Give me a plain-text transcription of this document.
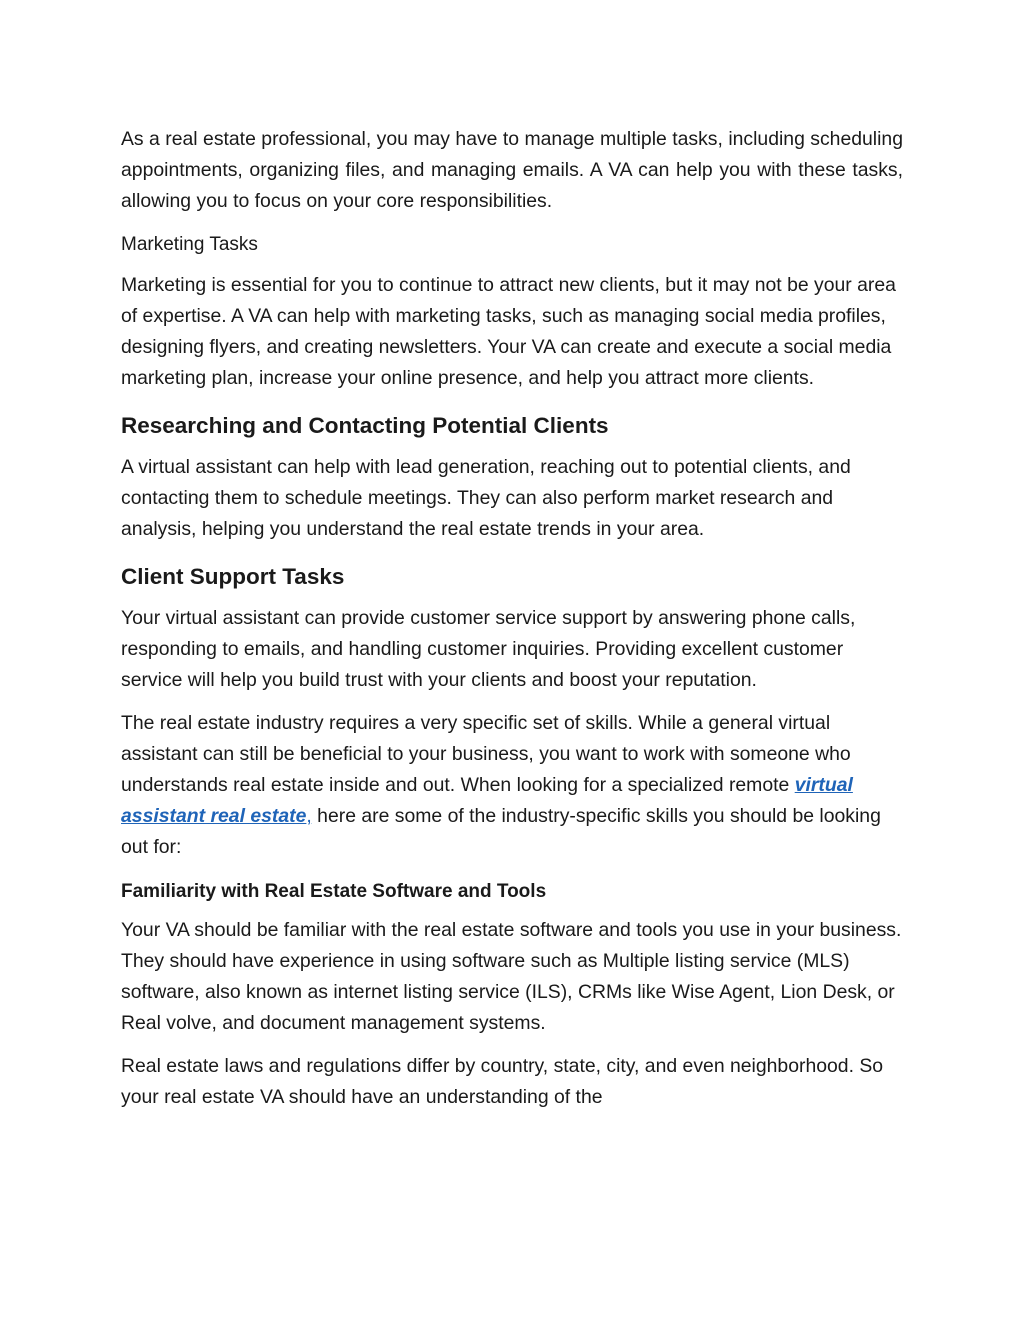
As a real estate professional, you may have to manage multiple tasks, including scheduling appointments, organizing files, and managing emails. A VA can help you with these tasks, allowing you to focus on your core responsibilities.

Marketing Tasks

Marketing is essential for you to continue to attract new clients, but it may not be your area of expertise. A VA can help with marketing tasks, such as managing social media profiles, designing flyers, and creating newsletters. Your VA can create and execute a social media marketing plan, increase your online presence, and help you attract more clients.

Researching and Contacting Potential Clients

A virtual assistant can help with lead generation, reaching out to potential clients, and contacting them to schedule meetings. They can also perform market research and analysis, helping you understand the real estate trends in your area.

Client Support Tasks

Your virtual assistant can provide customer service support by answering phone calls, responding to emails, and handling customer inquiries. Providing excellent customer service will help you build trust with your clients and boost your reputation.

The real estate industry requires a very specific set of skills. While a general virtual assistant can still be beneficial to your business, you want to work with someone who understands real estate inside and out. When looking for a specialized remote virtual assistant real estate, here are some of the industry-specific skills you should be looking out for:

Familiarity with Real Estate Software and Tools

Your VA should be familiar with the real estate software and tools you use in your business. They should have experience in using software such as Multiple listing service (MLS) software, also known as internet listing service (ILS), CRMs like Wise Agent, Lion Desk, or Real volve, and document management systems.

Real estate laws and regulations differ by country, state, city, and even neighborhood. So your real estate VA should have an understanding of the
